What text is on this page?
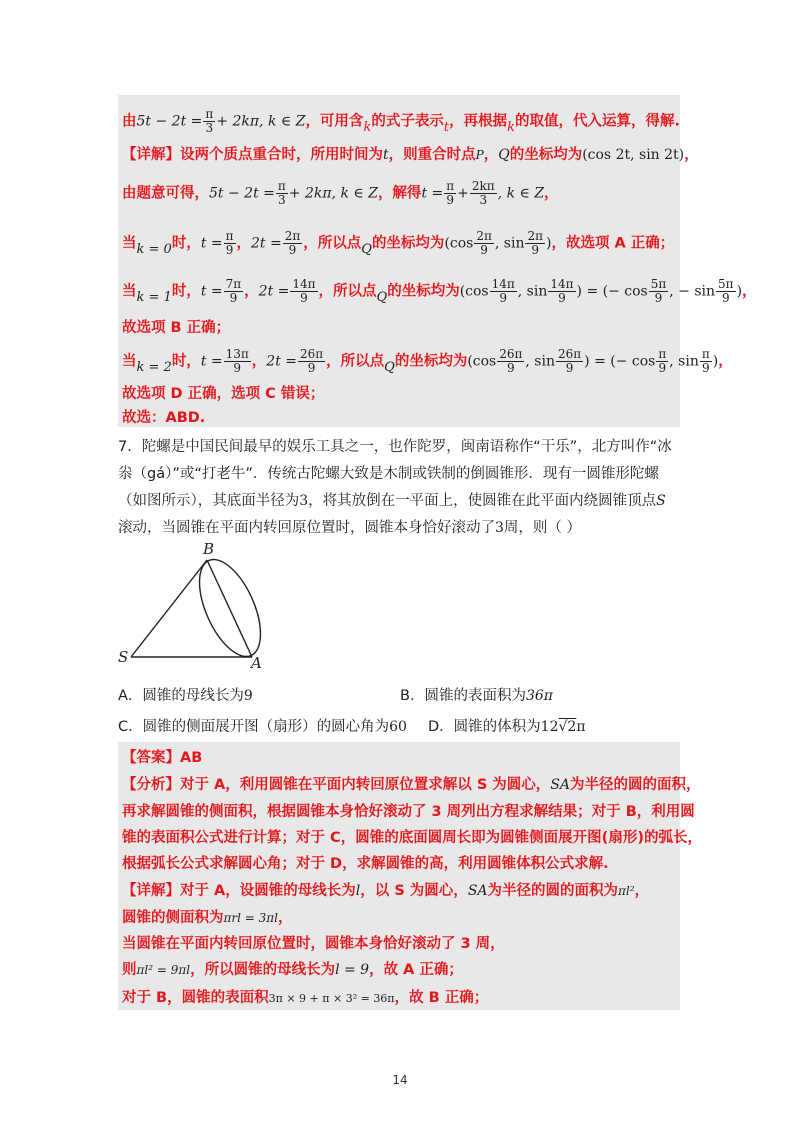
由$5t - 2t = \frac{\pi}{3} + 2k\pi$, k ∈ Z，可用含k的式子表示t，再根据k的取值，代入运算，得解.
【详解】设两个质点重合时，所用时间为t，则重合时点P，Q的坐标均为(cos 2t, sin 2t)，
由题意可得，$5t - 2t = \frac{\pi}{3} + 2k\pi$, k ∈ Z，解得$t = \frac{\pi}{9} + \frac{2k\pi}{3}$ , k ∈ Z，
当k = 0时，$t = \frac{\pi}{9}$ ，$2t = \frac{2\pi}{9}$ ，所以点Q的坐标均为($\cos \frac{2\pi}{9}$ , $\sin \frac{2\pi}{9}$ )，故选项 A 正确；
当k = 1时，$t = \frac{7\pi}{9}$ ，$2t = \frac{14\pi}{9}$ ，所以点Q的坐标均为($\cos \frac{14\pi}{9}$ , $\sin \frac{14\pi}{9}$ ) = (− $\cos \frac{5\pi}{9}$ , − $\sin \frac{5\pi}{9}$ )，
故选项 B 正确；
当k = 2时，$t = \frac{13\pi}{9}$ ，$2t = \frac{26\pi}{9}$ ，所以点Q的坐标均为($\cos \frac{26\pi}{9}$ , $\sin \frac{26\pi}{9}$ ) = (− $\cos \frac{\pi}{9}$ , $\sin \frac{\pi}{9}$ )，
故选项 D 正确，选项 C 错误；
故选：ABD.
7．陀螺是中国民间最早的娱乐工具之一，也作陀罗，闽南语称作“干乐”，北方叫作“冰
尜（gá）”或“打老牛”．传统古陀螺大致是木制或铁制的倒圆锥形．现有一圆锥形陀螺
（如图所示），其底面半径为3，将其放倒在一平面上，使圆锥在此平面内绕圆锥顶点S
滚动，当圆锥在平面内转回原位置时，圆锥本身恰好滚动了3周，则（ ）
B
S	A
A．圆锥的母线长为9	B．圆锥的表面积为36π
C．圆锥的侧面展开图（扇形）的圆心角为60 D．圆锥的体积为12√2π
【答案】AB
【分析】对于 A，利用圆锥在平面内转回原位置求解以 S 为圆心，SA为半径的圆的面积，
再求解圆锥的侧面积，根据圆锥本身恰好滚动了 3 周列出方程求解结果；对于 B，利用圆
锥的表面积公式进行计算；对于 C，圆锥的底面圆周长即为圆锥侧面展开图(扇形)的弧长，
根据弧长公式求解圆心角；对于 D，求解圆锥的高，利用圆锥体积公式求解.
【详解】对于 A，设圆锥的母线长为l，以 S 为圆心，SA为半径的圆的面积为πl²，
圆锥的侧面积为πrl = 3πl，
当圆锥在平面内转回原位置时，圆锥本身恰好滚动了 3 周，
则πl² = 9πl，所以圆锥的母线长为l = 9，故 A 正确；
对于 B，圆锥的表面积3π × 9 + π × 3² = 36π，故 B 正确；
14
